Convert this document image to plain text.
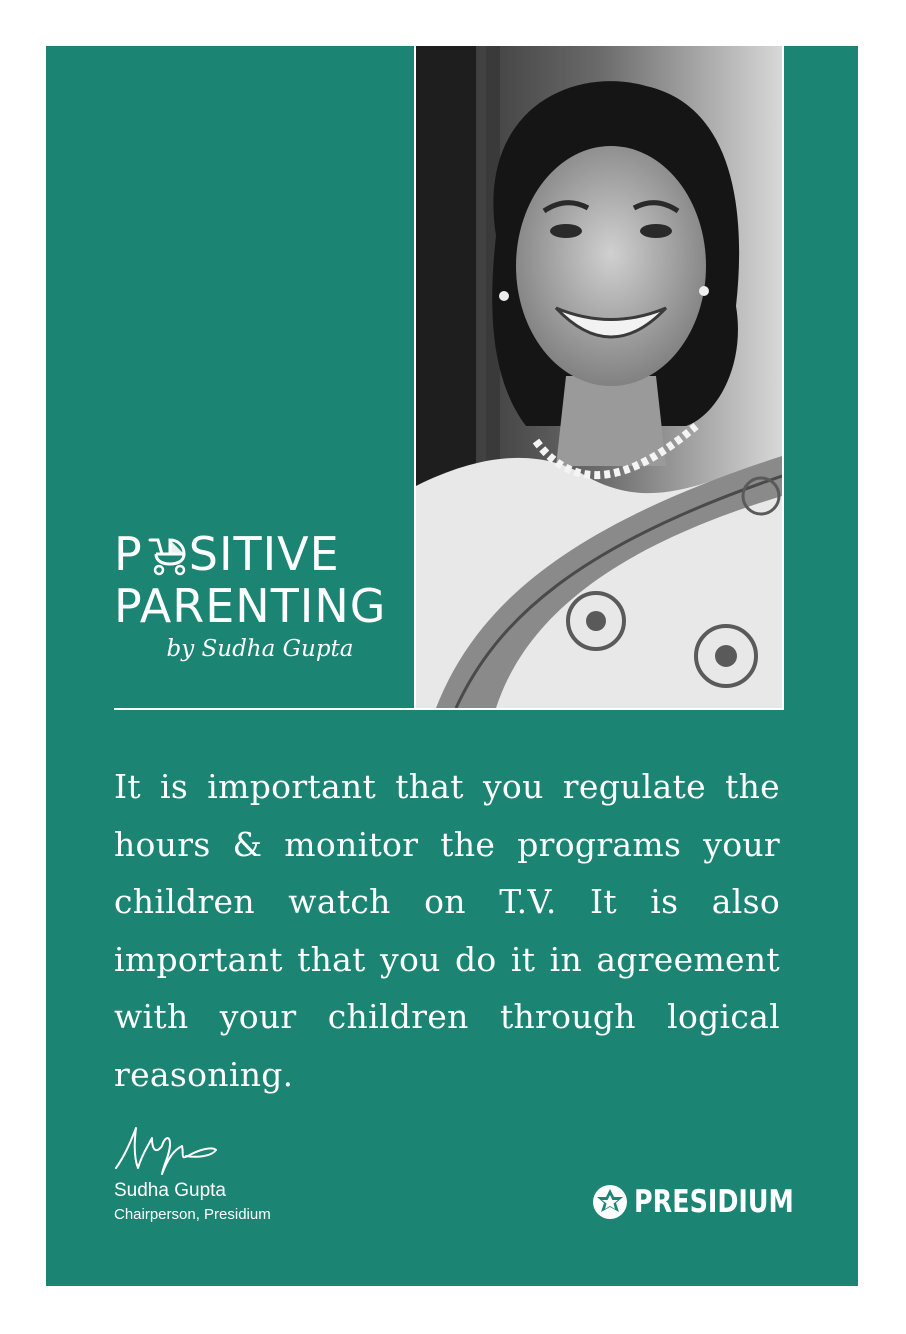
P SITIVE
PARENTING
by Sudha Gupta
It is important that you regulate the hours & monitor the programs your children watch on T.V. It is also important that you do it in agreement with your children through logical reasoning.
Sudha Gupta
Chairperson, Presidium	PRESIDIUM
